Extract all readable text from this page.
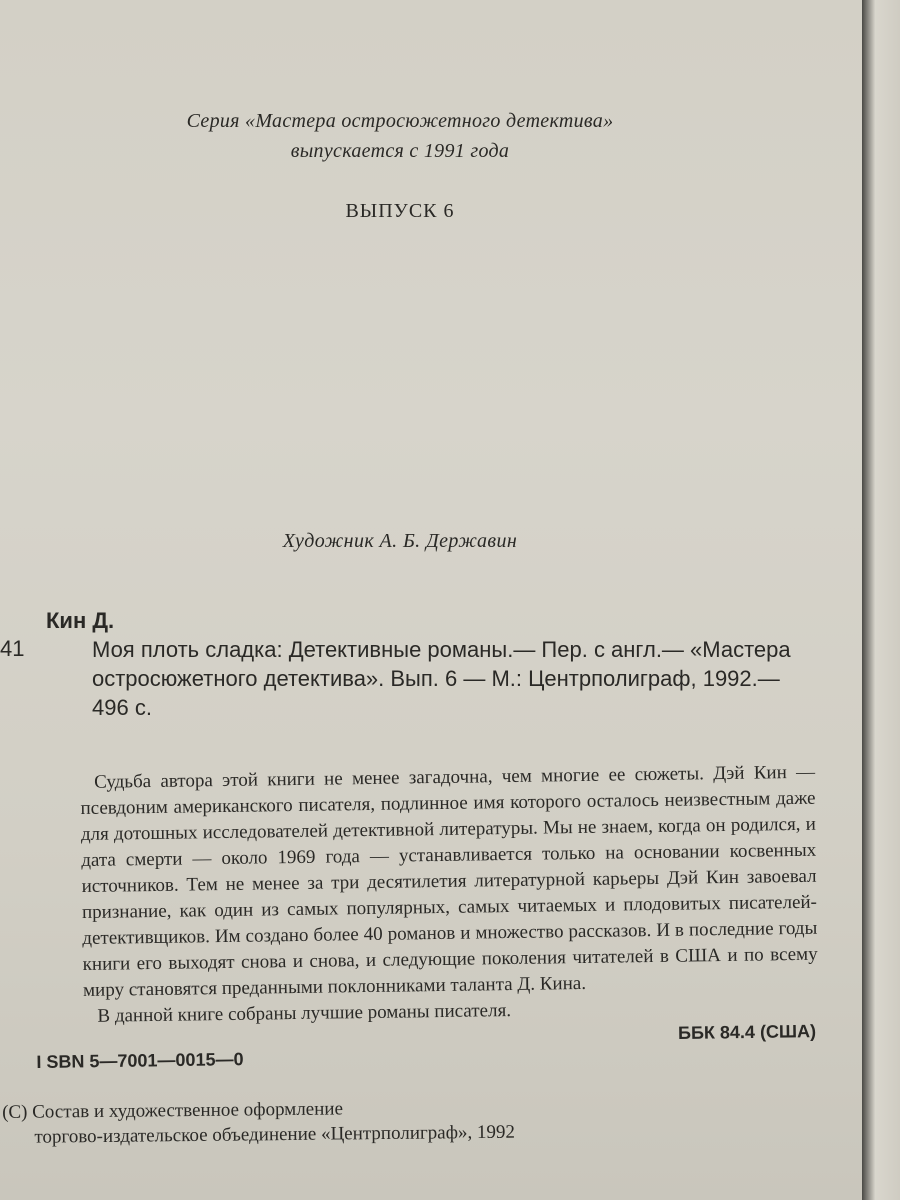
Серия «Мастера остросюжетного детектива»
выпускается с 1991 года
ВЫПУСК 6
Художник А. Б. Державин
41
Кин Д.
Моя плоть сладка: Детективные романы.— Пер. с англ.— «Мастера остросюжетного детектива». Вып. 6 — М.: Центрполиграф, 1992.— 496 с.

Судьба автора этой книги не менее загадочна, чем многие ее сюжеты. Дэй Кин — псевдоним американского писателя, подлинное имя которого осталось неизвестным даже для дотошных исследователей детективной литературы. Мы не знаем, когда он родился, и дата смерти — около 1969 года — устанавливается только на основании косвенных источников. Тем не менее за три десятилетия литературной карьеры Дэй Кин завоевал признание, как один из самых популярных, самых читаемых и плодовитых писателей-детективщиков. Им создано более 40 романов и множество рассказов. И в последние годы книги его выходят снова и снова, и следующие поколения читателей в США и по всему миру становятся преданными поклонниками таланта Д. Кина.

В данной книге собраны лучшие романы писателя.

I SBN 5—7001—0015—0
ББК 84.4 (США)
(С) Состав и художественное оформление
торгово-издательское объединение «Центрполиграф», 1992
